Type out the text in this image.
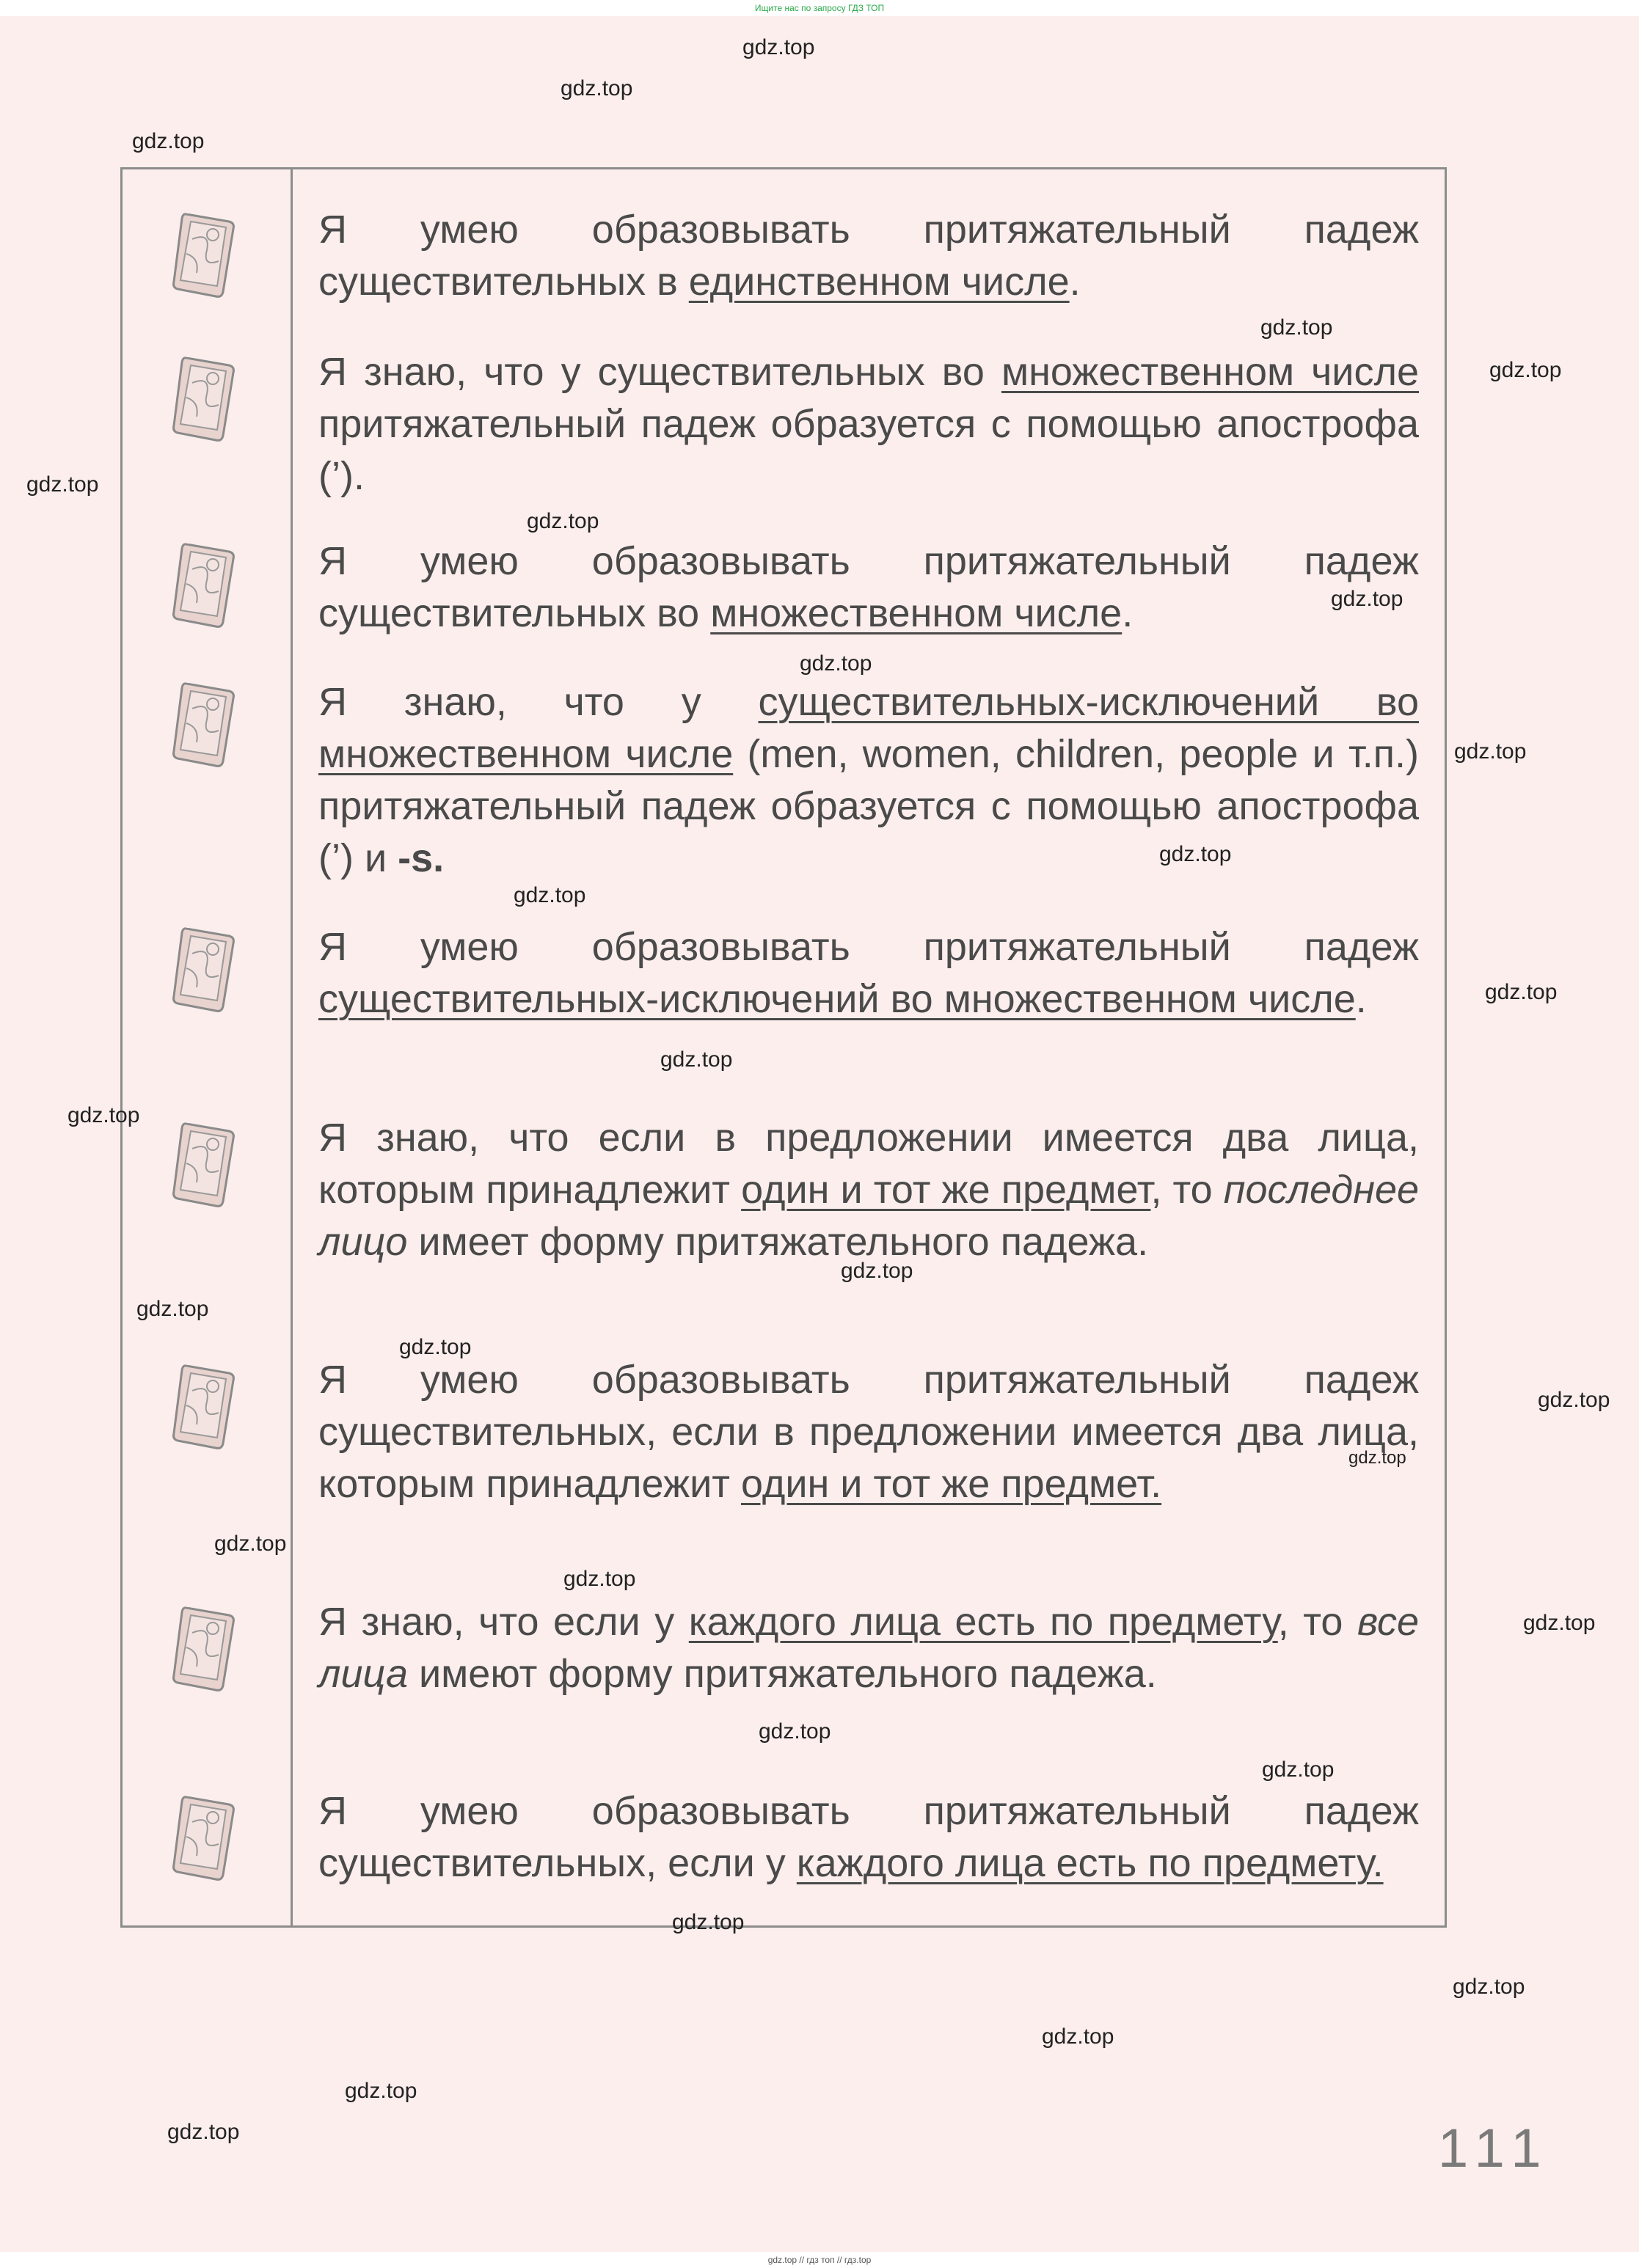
Ищите нас по запросу ГДЗ ТОП
Я умею образовывать притяжательный падеж существительных в единственном числе.
Я знаю, что у существительных во множественном числе притяжательный падеж образуется с помощью апострофа (’).
Я умею образовывать притяжательный падеж существительных во множественном числе.
Я знаю, что у существительных-исключений во множественном числе (men, women, children, people и т.п.) притяжательный падеж образуется с помощью апострофа (’) и -s.
Я умею образовывать притяжательный падеж существительных-исключений во множественном числе.
Я знаю, что если в предложении имеется два лица, которым принадлежит один и тот же предмет, то последнее лицо имеет форму притяжательного падежа.
Я умею образовывать притяжательный падеж существительных, если в предложении имеется два лица, которым принадлежит один и тот же предмет.
Я знаю, что если у каждого лица есть по предмету, то все лица имеют форму притяжательного падежа.
Я умею образовывать притяжательный падеж существительных, если у каждого лица есть по предмету.
gdz.top
gdz.top
gdz.top
gdz.top
gdz.top
gdz.top
gdz.top
gdz.top
gdz.top
gdz.top
gdz.top
gdz.top
gdz.top
gdz.top
gdz.top
gdz.top
gdz.top
gdz.top
gdz.top
gdz.top
gdz.top
gdz.top
gdz.top
gdz.top
gdz.top
gdz.top
gdz.top
gdz.top
gdz.top
gdz.top	111
gdz.top // гдз топ // гдз.top
